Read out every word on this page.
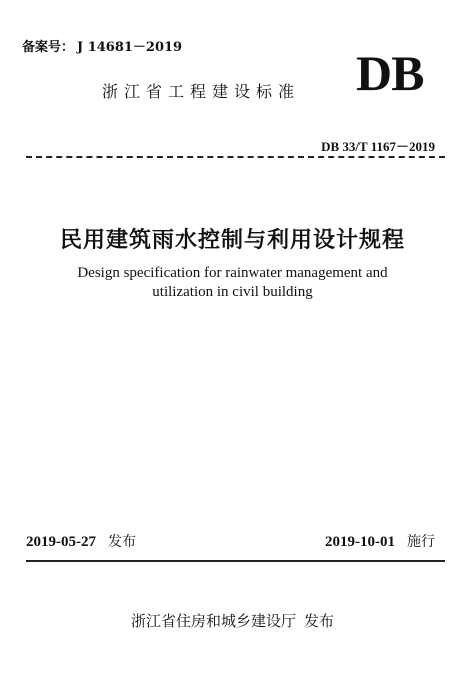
备案号： J 14681－2019
浙江省工程建设标准 DB
DB 33/T 1167－2019
民用建筑雨水控制与利用设计规程
Design specification for rainwater management and
utilization in civil building
2019-05-27 发布	2019-10-01 施行
浙江省住房和城乡建设厅 发布
